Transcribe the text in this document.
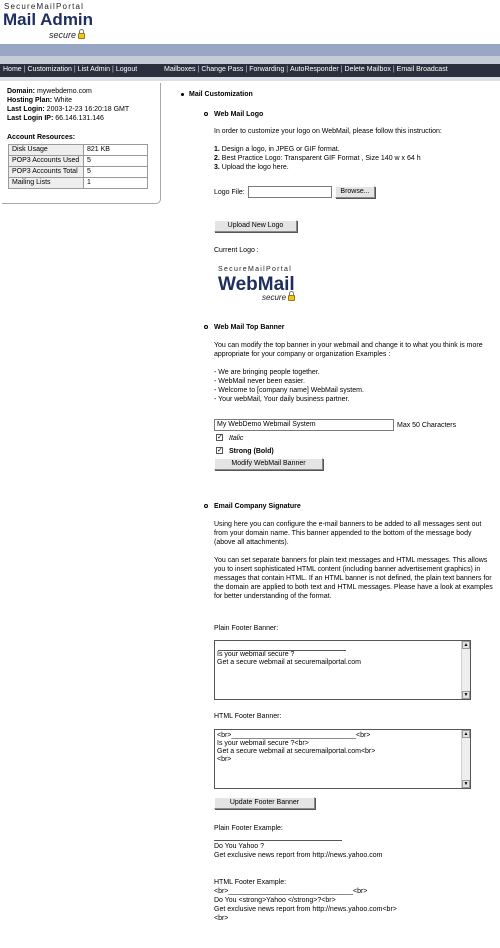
SecureMailPortal
Mail Admin
secure
Home | Customization | List Admin | Logout	Mailboxes | Change Pass | Forwarding | AutoResponder | Delete Mailbox | Email Broadcast
Domain: mywebdemo.com
Hosting Plan: White
Last Login: 2003-12-23 16:20:18 GMT
Last Login IP: 66.146.131.146
Account Resources:
Disk Usage	821 KB
POP3 Accounts Used	5
POP3 Accounts Total	5
Mailing Lists	1
Mail Customization
Web Mail Logo
In order to customize your logo on WebMail, please follow this instruction:
1. Design a logo, in JPEG or GIF format.
2. Best Practice Logo: Transparent GIF Format , Size 140 w x 64 h
3. Upload the logo here.
Logo File:	Browse...
Upload New Logo
Current Logo :
SecureMailPortal
WebMail
secure
Web Mail Top Banner
You can modify the top banner in your webmail and change it to what you think is more
appropriate for your company or organization Examples :
- We are bringing people together.
- WebMail never been easier.
- Welcome to [company name] WebMail system.
- Your webMail, Your daily business partner.
My WebDemo Webmail System	Max 50 Characters
✓ Italic
✓ Strong (Bold)
Modify WebMail Banner
Email Company Signature
Using here you can configure the e-mail banners to be added to all messages sent out
from your domain name. This banner appended to the bottom of the message body
(above all attachments).
You can set separate banners for plain text messages and HTML messages. This allows
you to insert sophisticated HTML content (including banner advertisement graphics) in
messages that contain HTML. If an HTML banner is not defined, the plain text banners for
the domain are applied to both text and HTML messages. Please have a look at examples
for better understanding of the format.
Plain Footer Banner:
Is your webmail secure ?
Get a secure webmail at securemailportal.com
▲
▼
HTML Footer Banner:
<br>________________________________<br>
Is your webmail secure ?<br>
Get a secure webmail at securemailportal.com<br>
<br>
▲
▼
Update Footer Banner
Plain Footer Example:
Do You Yahoo ?
Get exclusive news report from http://news.yahoo.com
HTML Footer Example:
<br>________________________________<br>
Do You <strong>Yahoo </strong>?<br>
Get exclusive news report from http://news.yahoo.com<br>
<br>
